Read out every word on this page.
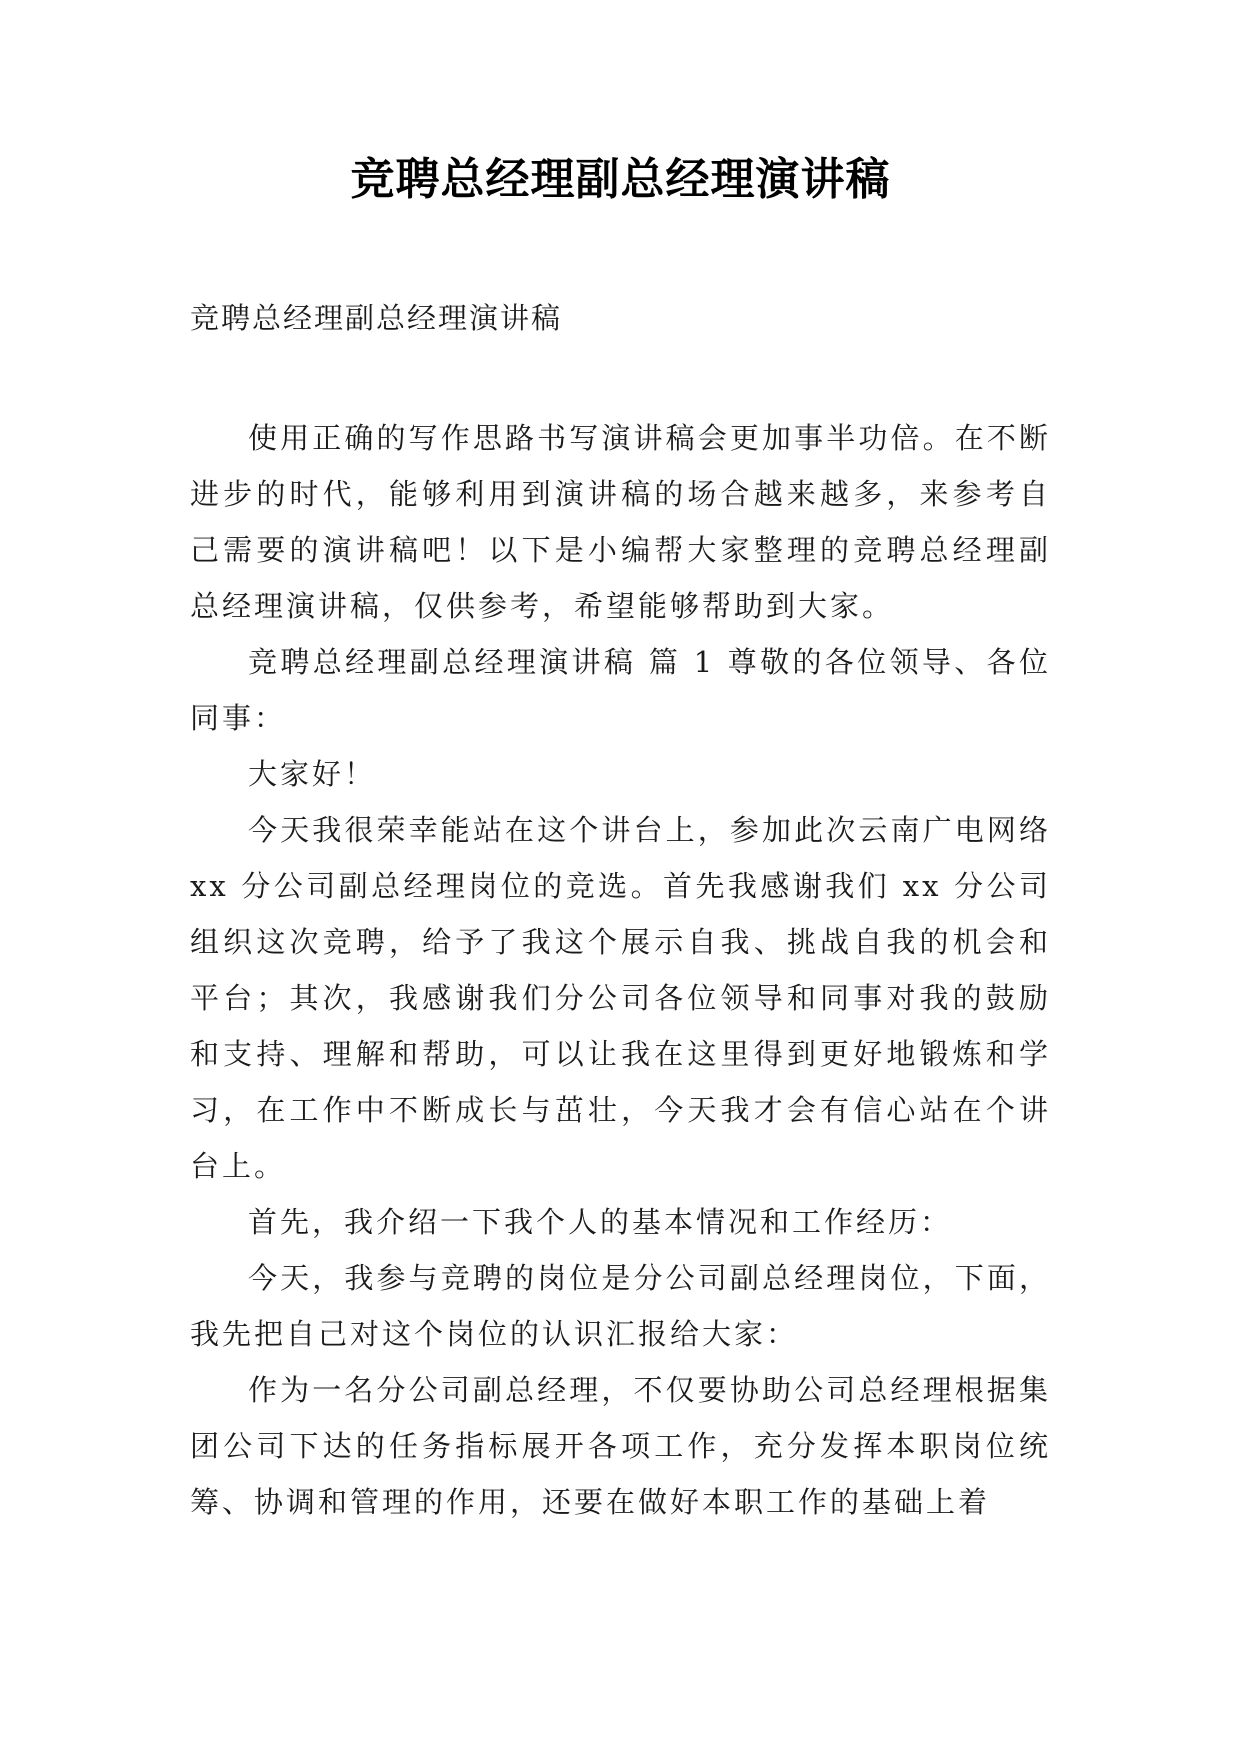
竞聘总经理副总经理演讲稿
竞聘总经理副总经理演讲稿

使用正确的写作思路书写演讲稿会更加事半功倍。在不断进步的时代，能够利用到演讲稿的场合越来越多，来参考自己需要的演讲稿吧！以下是小编帮大家整理的竞聘总经理副总经理演讲稿，仅供参考，希望能够帮助到大家。

竞聘总经理副总经理演讲稿 篇 1 尊敬的各位领导、各位同事：

大家好！

今天我很荣幸能站在这个讲台上，参加此次云南广电网络 xx 分公司副总经理岗位的竞选。首先我感谢我们 xx 分公司组织这次竞聘，给予了我这个展示自我、挑战自我的机会和平台；其次，我感谢我们分公司各位领导和同事对我的鼓励和支持、理解和帮助，可以让我在这里得到更好地锻炼和学习，在工作中不断成长与茁壮，今天我才会有信心站在个讲台上。

首先，我介绍一下我个人的基本情况和工作经历：

今天，我参与竞聘的岗位是分公司副总经理岗位，下面，我先把自己对这个岗位的认识汇报给大家：

作为一名分公司副总经理，不仅要协助公司总经理根据集团公司下达的任务指标展开各项工作，充分发挥本职岗位统筹、协调和管理的作用，还要在做好本职工作的基础上着
